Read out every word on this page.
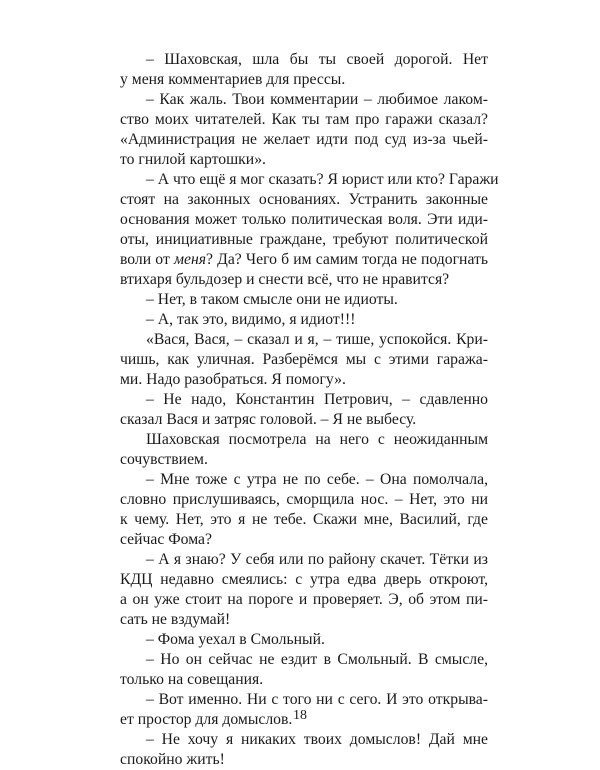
– Шаховская, шла бы ты своей дорогой. Нет
у меня комментариев для прессы.
– Как жаль. Твои комментарии – любимое лаком-
ство моих читателей. Как ты там про гаражи сказал?
«Администрация не желает идти под суд из-за чьей-
то гнилой картошки».
– А что ещё я мог сказать? Я юрист или кто? Гаражи
стоят на законных основаниях. Устранить законные
основания может только политическая воля. Эти иди-
оты, инициативные граждане, требуют политической
воли от меня? Да? Чего б им самим тогда не подогнать
втихаря бульдозер и снести всё, что не нравится?
– Нет, в таком смысле они не идиоты.
– А, так это, видимо, я идиот!!!
«Вася, Вася, – сказал и я, – тише, успокойся. Кри-
чишь, как уличная. Разберёмся мы с этими гаража-
ми. Надо разобраться. Я помогу».
– Не надо, Константин Петрович, – сдавленно
сказал Вася и затряс головой. – Я не выбесу.
Шаховская посмотрела на него с неожиданным
сочувствием.
– Мне тоже с утра не по себе. – Она помолчала,
словно прислушиваясь, сморщила нос. – Нет, это ни
к чему. Нет, это я не тебе. Скажи мне, Василий, где
сейчас Фома?
– А я знаю? У себя или по району скачет. Тётки из
КДЦ недавно смеялись: с утра едва дверь откроют,
а он уже стоит на пороге и проверяет. Э, об этом пи-
сать не вздумай!
– Фома уехал в Смольный.
– Но он сейчас не ездит в Смольный. В смысле,
только на совещания.
– Вот именно. Ни с того ни с сего. И это открыва-
ет простор для домыслов.
– Не хочу я никаких твоих домыслов! Дай мне
спокойно жить!
18
